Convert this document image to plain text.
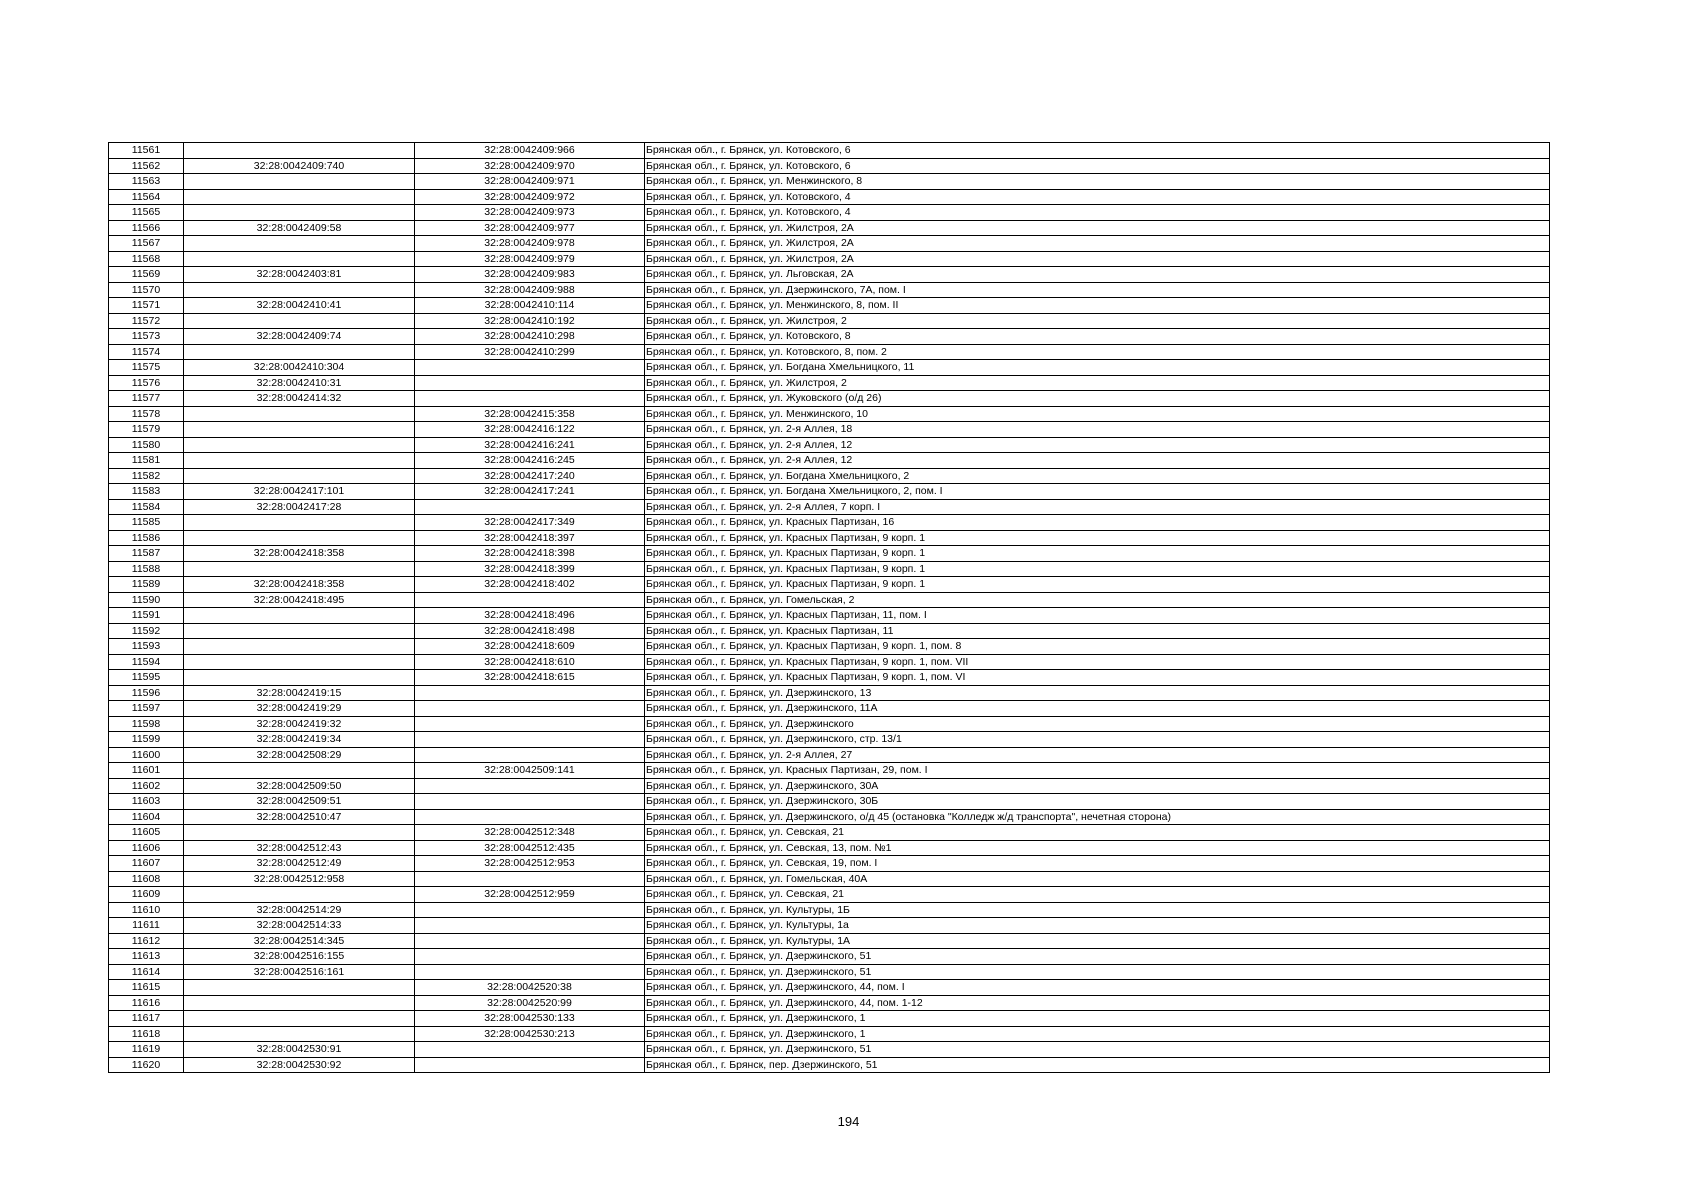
11561		32:28:0042409:966	Брянская обл., г. Брянск, ул. Котовского, 6
11562	32:28:0042409:740	32:28:0042409:970	Брянская обл., г. Брянск, ул. Котовского, 6
11563		32:28:0042409:971	Брянская обл., г. Брянск, ул. Менжинского, 8
11564		32:28:0042409:972	Брянская обл., г. Брянск, ул. Котовского, 4
11565		32:28:0042409:973	Брянская обл., г. Брянск, ул. Котовского, 4
11566	32:28:0042409:58	32:28:0042409:977	Брянская обл., г. Брянск, ул. Жилстроя, 2А
11567		32:28:0042409:978	Брянская обл., г. Брянск, ул. Жилстроя, 2А
11568		32:28:0042409:979	Брянская обл., г. Брянск, ул. Жилстроя, 2А
11569	32:28:0042403:81	32:28:0042409:983	Брянская обл., г. Брянск, ул. Льговская, 2А
11570		32:28:0042409:988	Брянская обл., г. Брянск, ул. Дзержинского, 7А, пом. I
11571	32:28:0042410:41	32:28:0042410:114	Брянская обл., г. Брянск, ул. Менжинского, 8, пом. II
11572		32:28:0042410:192	Брянская обл., г. Брянск, ул. Жилстроя, 2
11573	32:28:0042409:74	32:28:0042410:298	Брянская обл., г. Брянск, ул. Котовского, 8
11574		32:28:0042410:299	Брянская обл., г. Брянск, ул. Котовского, 8, пом. 2
11575	32:28:0042410:304		Брянская обл., г. Брянск, ул. Богдана Хмельницкого, 11
11576	32:28:0042410:31		Брянская обл., г. Брянск, ул. Жилстроя, 2
11577	32:28:0042414:32		Брянская обл., г. Брянск, ул. Жуковского (о/д 26)
11578		32:28:0042415:358	Брянская обл., г. Брянск, ул. Менжинского, 10
11579		32:28:0042416:122	Брянская обл., г. Брянск, ул. 2-я Аллея, 18
11580		32:28:0042416:241	Брянская обл., г. Брянск, ул. 2-я Аллея, 12
11581		32:28:0042416:245	Брянская обл., г. Брянск, ул. 2-я Аллея, 12
11582		32:28:0042417:240	Брянская обл., г. Брянск, ул. Богдана Хмельницкого, 2
11583	32:28:0042417:101	32:28:0042417:241	Брянская обл., г. Брянск, ул. Богдана Хмельницкого, 2, пом. I
11584	32:28:0042417:28		Брянская обл., г. Брянск, ул. 2-я Аллея, 7 корп. I
11585		32:28:0042417:349	Брянская обл., г. Брянск, ул. Красных Партизан, 16
11586		32:28:0042418:397	Брянская обл., г. Брянск, ул. Красных Партизан, 9 корп. 1
11587	32:28:0042418:358	32:28:0042418:398	Брянская обл., г. Брянск, ул. Красных Партизан, 9 корп. 1
11588		32:28:0042418:399	Брянская обл., г. Брянск, ул. Красных Партизан, 9 корп. 1
11589	32:28:0042418:358	32:28:0042418:402	Брянская обл., г. Брянск, ул. Красных Партизан, 9 корп. 1
11590	32:28:0042418:495		Брянская обл., г. Брянск, ул. Гомельская, 2
11591		32:28:0042418:496	Брянская обл., г. Брянск, ул. Красных Партизан, 11, пом. I
11592		32:28:0042418:498	Брянская обл., г. Брянск, ул. Красных Партизан, 11
11593		32:28:0042418:609	Брянская обл., г. Брянск, ул. Красных Партизан, 9 корп. 1, пом. 8
11594		32:28:0042418:610	Брянская обл., г. Брянск, ул. Красных Партизан, 9 корп. 1, пом. VII
11595		32:28:0042418:615	Брянская обл., г. Брянск, ул. Красных Партизан, 9 корп. 1, пом. VI
11596	32:28:0042419:15		Брянская обл., г. Брянск, ул. Дзержинского, 13
11597	32:28:0042419:29		Брянская обл., г. Брянск, ул. Дзержинского, 11А
11598	32:28:0042419:32		Брянская обл., г. Брянск, ул. Дзержинского
11599	32:28:0042419:34		Брянская обл., г. Брянск, ул. Дзержинского, стр. 13/1
11600	32:28:0042508:29		Брянская обл., г. Брянск, ул. 2-я Аллея, 27
11601		32:28:0042509:141	Брянская обл., г. Брянск, ул. Красных Партизан, 29, пом. I
11602	32:28:0042509:50		Брянская обл., г. Брянск, ул. Дзержинского, 30А
11603	32:28:0042509:51		Брянская обл., г. Брянск, ул. Дзержинского, 30Б
11604	32:28:0042510:47		Брянская обл., г. Брянск, ул. Дзержинского, о/д 45 (остановка "Колледж ж/д транспорта", нечетная сторона)
11605		32:28:0042512:348	Брянская обл., г. Брянск, ул. Севская, 21
11606	32:28:0042512:43	32:28:0042512:435	Брянская обл., г. Брянск, ул. Севская, 13, пом. №1
11607	32:28:0042512:49	32:28:0042512:953	Брянская обл., г. Брянск, ул. Севская, 19, пом. I
11608	32:28:0042512:958		Брянская обл., г. Брянск, ул. Гомельская, 40А
11609		32:28:0042512:959	Брянская обл., г. Брянск, ул. Севская, 21
11610	32:28:0042514:29		Брянская обл., г. Брянск, ул. Культуры, 1Б
11611	32:28:0042514:33		Брянская обл., г. Брянск, ул. Культуры, 1а
11612	32:28:0042514:345		Брянская обл., г. Брянск, ул. Культуры, 1А
11613	32:28:0042516:155		Брянская обл., г. Брянск, ул. Дзержинского, 51
11614	32:28:0042516:161		Брянская обл., г. Брянск, ул. Дзержинского, 51
11615		32:28:0042520:38	Брянская обл., г. Брянск, ул. Дзержинского, 44, пом. I
11616		32:28:0042520:99	Брянская обл., г. Брянск, ул. Дзержинского, 44, пом. 1-12
11617		32:28:0042530:133	Брянская обл., г. Брянск, ул. Дзержинского, 1
11618		32:28:0042530:213	Брянская обл., г. Брянск, ул. Дзержинского, 1
11619	32:28:0042530:91		Брянская обл., г. Брянск, ул. Дзержинского, 51
11620	32:28:0042530:92		Брянская обл., г. Брянск, пер. Дзержинского, 51
194
